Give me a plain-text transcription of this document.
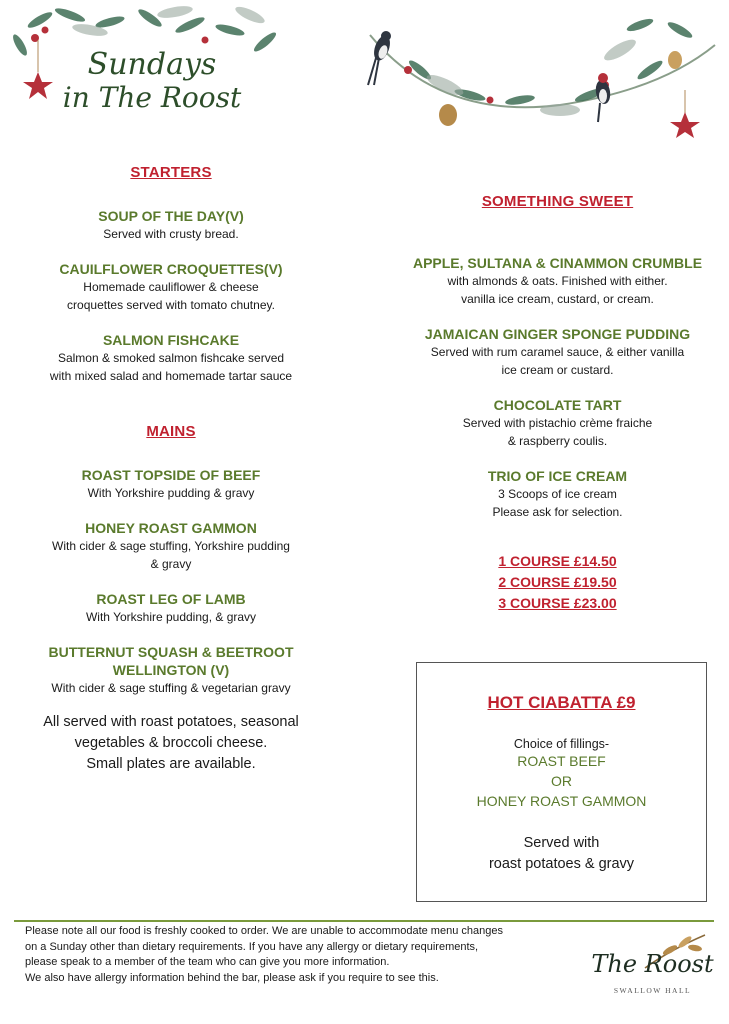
Sundays
in The Roost
STARTERS
SOUP OF THE DAY(V)
Served with crusty bread.
CAUILFLOWER CROQUETTES(V)
Homemade cauliflower & cheese
croquettes served with tomato chutney.
SALMON FISHCAKE
Salmon & smoked salmon fishcake served
with mixed salad and homemade tartar sauce
MAINS
ROAST TOPSIDE OF BEEF
With Yorkshire pudding & gravy
HONEY ROAST GAMMON
With cider & sage stuffing, Yorkshire pudding
& gravy
ROAST LEG OF LAMB
With Yorkshire pudding, & gravy
BUTTERNUT SQUASH & BEETROOT
WELLINGTON (V)
With cider & sage stuffing & vegetarian gravy
All served with roast potatoes, seasonal
vegetables & broccoli cheese.
Small plates are available.
SOMETHING SWEET
APPLE, SULTANA & CINAMMON CRUMBLE
with almonds & oats. Finished with either.
vanilla ice cream, custard, or cream.
JAMAICAN GINGER SPONGE PUDDING
Served with rum caramel sauce, & either vanilla
ice cream or custard.
CHOCOLATE TART
Served with pistachio crème fraiche
& raspberry coulis.
TRIO OF ICE CREAM
3 Scoops of ice cream
Please ask for selection.
1 COURSE £14.50
2 COURSE £19.50
3 COURSE £23.00
HOT CIABATTA £9
Choice of fillings-
ROAST BEEF
OR
HONEY ROAST GAMMON
Served with
roast potatoes & gravy
Please note all our food is freshly cooked to order. We are unable to accommodate menu changes
on a Sunday other than dietary requirements. If you have any allergy or dietary requirements,
please speak to a member of the team who can give you more information.
We also have allergy information behind the bar, please ask if you require to see this.	The Roost
SWALLOW HALL
